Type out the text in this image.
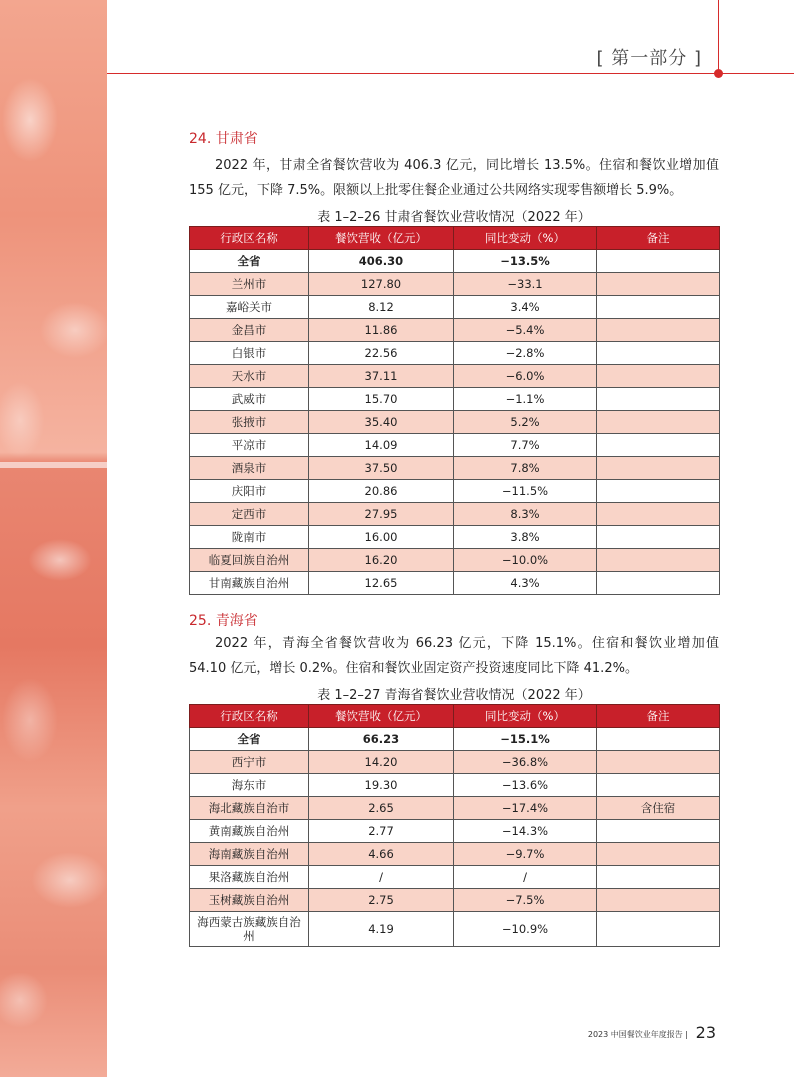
[ 第一部分 ]

24. 甘肃省

2022 年，甘肃全省餐饮营收为 406.3 亿元，同比增长 13.5%。住宿和餐饮业增加值 155 亿元，下降 7.5%。限额以上批零住餐企业通过公共网络实现零售额增长 5.9%。

表 1–2–26 甘肃省餐饮业营收情况（2022 年）

行政区名称	餐饮营收（亿元）	同比变动（%）	备注
全省	406.30	−13.5%	
兰州市	127.80	−33.1	
嘉峪关市	8.12	3.4%	
金昌市	11.86	−5.4%	
白银市	22.56	−2.8%	
天水市	37.11	−6.0%	
武威市	15.70	−1.1%	
张掖市	35.40	5.2%	
平凉市	14.09	7.7%	
酒泉市	37.50	7.8%	
庆阳市	20.86	−11.5%	
定西市	27.95	8.3%	
陇南市	16.00	3.8%	
临夏回族自治州	16.20	−10.0%	
甘南藏族自治州	12.65	4.3%	

25. 青海省

2022 年，青海全省餐饮营收为 66.23 亿元，下降 15.1%。住宿和餐饮业增加值 54.10 亿元，增长 0.2%。住宿和餐饮业固定资产投资速度同比下降 41.2%。

表 1–2–27 青海省餐饮业营收情况（2022 年）

行政区名称	餐饮营收（亿元）	同比变动（%）	备注
全省	66.23	−15.1%	
西宁市	14.20	−36.8%	
海东市	19.30	−13.6%	
海北藏族自治市	2.65	−17.4%	含住宿
黄南藏族自治州	2.77	−14.3%	
海南藏族自治州	4.66	−9.7%	
果洛藏族自治州	/	/	
玉树藏族自治州	2.75	−7.5%	
海西蒙古族藏族自治州	4.19	−10.9%	
2023 中国餐饮业年度报告 | 23
